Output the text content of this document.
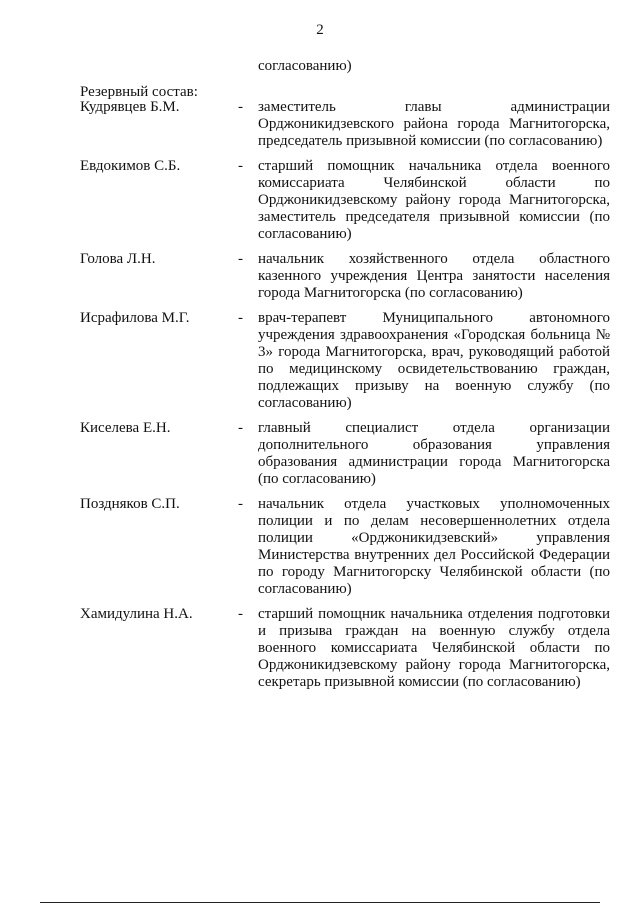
2
согласованию)
Резервный состав:
Кудрявцев Б.М.	-	заместитель главы администрации Орджоникидзевского района города Магнитогорска, председатель призывной комиссии (по согласованию)
Евдокимов С.Б.	-	старший помощник начальника отдела военного комиссариата Челябинской области по Орджоникидзевскому району города Магнитогорска, заместитель председателя призывной комиссии (по согласованию)
Голова Л.Н.	-	начальник хозяйственного отдела областного казенного учреждения Центра занятости населения города Магнитогорска (по согласованию)
Исрафилова М.Г.	-	врач-терапевт Муниципального автономного учреждения здравоохранения «Городская больница № 3» города Магнитогорска, врач, руководящий работой по медицинскому освидетельствованию граждан, подлежащих призыву на военную службу (по согласованию)
Киселева Е.Н.	-	главный специалист отдела организации дополнительного образования управления образования администрации города Магнитогорска (по согласованию)
Поздняков С.П.	-	начальник отдела участковых уполномоченных полиции и по делам несовершеннолетних отдела полиции «Орджоникидзевский» управления Министерства внутренних дел Российской Федерации по городу Магнитогорску Челябинской области (по согласованию)
Хамидулина Н.А.	-	старший помощник начальника отделения подготовки и призыва граждан на военную службу отдела военного комиссариата Челябинской области по Орджоникидзевскому району города Магнитогорска, секретарь призывной комиссии (по согласованию)
